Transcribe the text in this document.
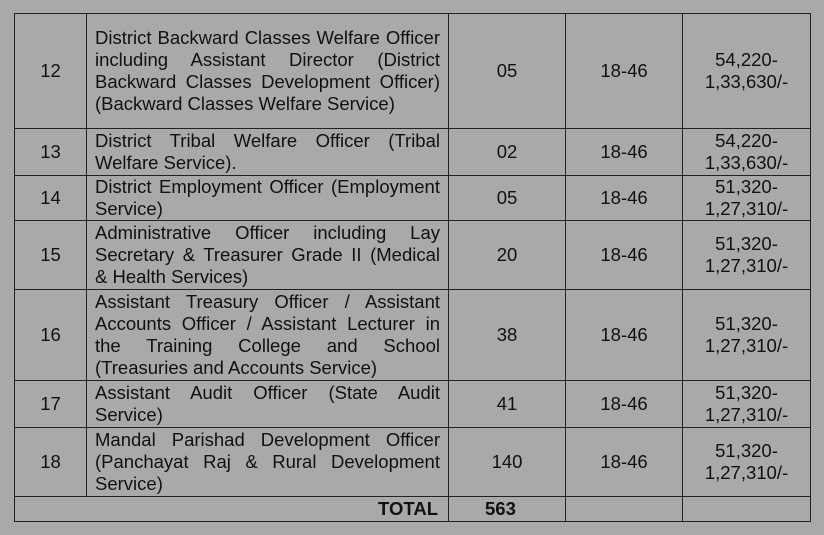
12	District Backward Classes Welfare Officer including Assistant Director (District Backward Classes Development Officer) (Backward Classes Welfare Service)	05	18-46	54,220-
1,33,630/-

13	District Tribal Welfare Officer (Tribal Welfare Service).	02	18-46	54,220-
1,33,630/-

14	District Employment Officer (Employment Service)	05	18-46	51,320-
1,27,310/-

15	Administrative Officer including Lay Secretary & Treasurer Grade II (Medical & Health Services)	20	18-46	51,320-
1,27,310/-

16	Assistant Treasury Officer / Assistant Accounts Officer / Assistant Lecturer in the Training College and School (Treasuries and Accounts Service)	38	18-46	51,320-
1,27,310/-

17	Assistant Audit Officer (State Audit Service)	41	18-46	51,320-
1,27,310/-

18	Mandal Parishad Development Officer (Panchayat Raj & Rural Development Service)	140	18-46	51,320-
1,27,310/-

TOTAL		563		
